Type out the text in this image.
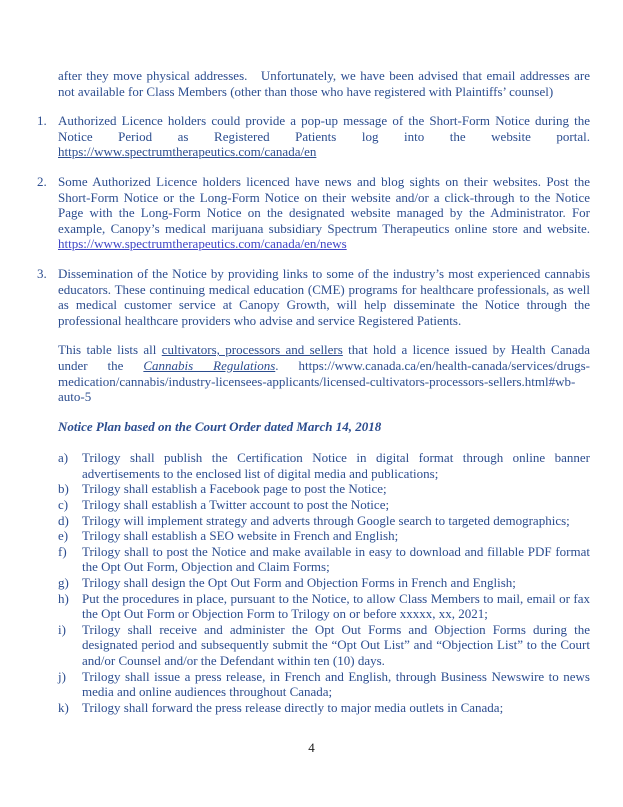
after they move physical addresses.   Unfortunately, we have been advised that email addresses are not available for Class Members (other than those who have registered with Plaintiffs’ counsel)

1. Authorized Licence holders could provide a pop-up message of the Short-Form Notice during the Notice Period as Registered Patients log into the website portal. https://www.spectrumtherapeutics.com/canada/en
2. Some Authorized Licence holders licenced have news and blog sights on their websites. Post the Short-Form Notice or the Long-Form Notice on their website and/or a click-through to the Notice Page with the Long-Form Notice on the designated website managed by the Administrator. For example, Canopy’s medical marijuana subsidiary Spectrum Therapeutics online store and website. https://www.spectrumtherapeutics.com/canada/en/news
3. Dissemination of the Notice by providing links to some of the industry’s most experienced cannabis educators. These continuing medical education (CME) programs for healthcare professionals, as well as medical customer service at Canopy Growth, will help disseminate the Notice through the professional healthcare providers who advise and service Registered Patients.

This table lists all cultivators, processors and sellers that hold a licence issued by Health Canada under the Cannabis Regulations. https://www.canada.ca/en/health-canada/services/drugs-medication/cannabis/industry-licensees-applicants/licensed-cultivators-processors-sellers.html#wb-auto-5

Notice Plan based on the Court Order dated March 14, 2018

a) Trilogy shall publish the Certification Notice in digital format through online banner advertisements to the enclosed list of digital media and publications;
b) Trilogy shall establish a Facebook page to post the Notice;
c) Trilogy shall establish a Twitter account to post the Notice;
d) Trilogy will implement strategy and adverts through Google search to targeted demographics;
e) Trilogy shall establish a SEO website in French and English;
f) Trilogy shall to post the Notice and make available in easy to download and fillable PDF format the Opt Out Form, Objection and Claim Forms;
g) Trilogy shall design the Opt Out Form and Objection Forms in French and English;
h) Put the procedures in place, pursuant to the Notice, to allow Class Members to mail, email or fax the Opt Out Form or Objection Form to Trilogy on or before xxxxx, xx, 2021;
i) Trilogy shall receive and administer the Opt Out Forms and Objection Forms during the designated period and subsequently submit the “Opt Out List” and “Objection List” to the Court and/or Counsel and/or the Defendant within ten (10) days.
j) Trilogy shall issue a press release, in French and English, through Business Newswire to news media and online audiences throughout Canada;
k) Trilogy shall forward the press release directly to major media outlets in Canada;
4
